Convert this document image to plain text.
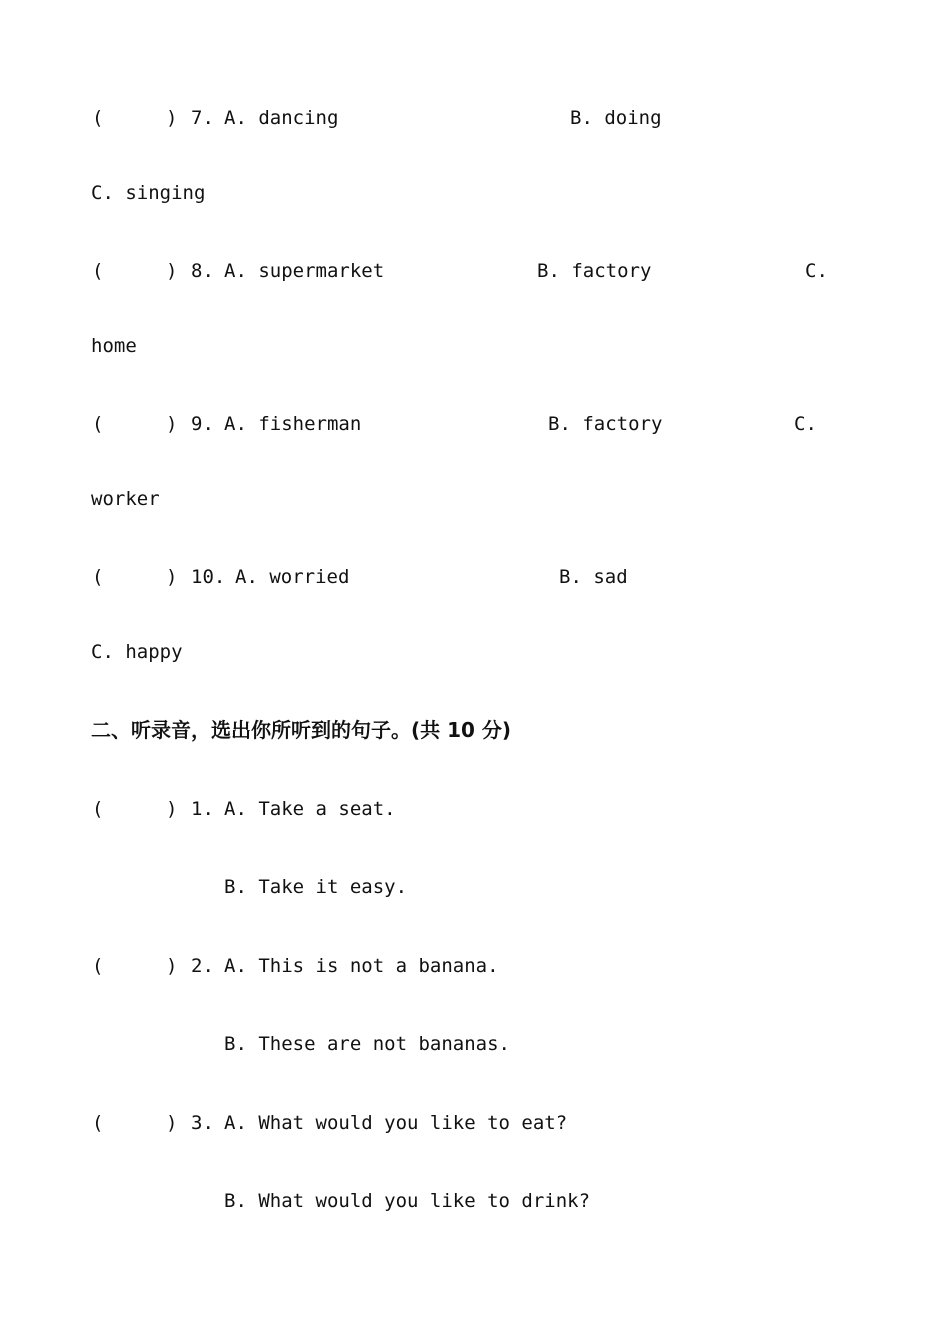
(	) 7. A. dancing	B. doing
C. singing
(	) 8. A. supermarket	B. factory	C.
home
(	) 9. A. fisherman	B. factory	C.
worker
(	) 10. A. worried	B. sad
C. happy
二、听录音，选出你所听到的句子。(共 10 分)
(	) 1. A. Take a seat.
B. Take it easy.
(	) 2. A. This is not a banana.
B. These are not bananas.
(	) 3. A. What would you like to eat?
B. What would you like to drink?
